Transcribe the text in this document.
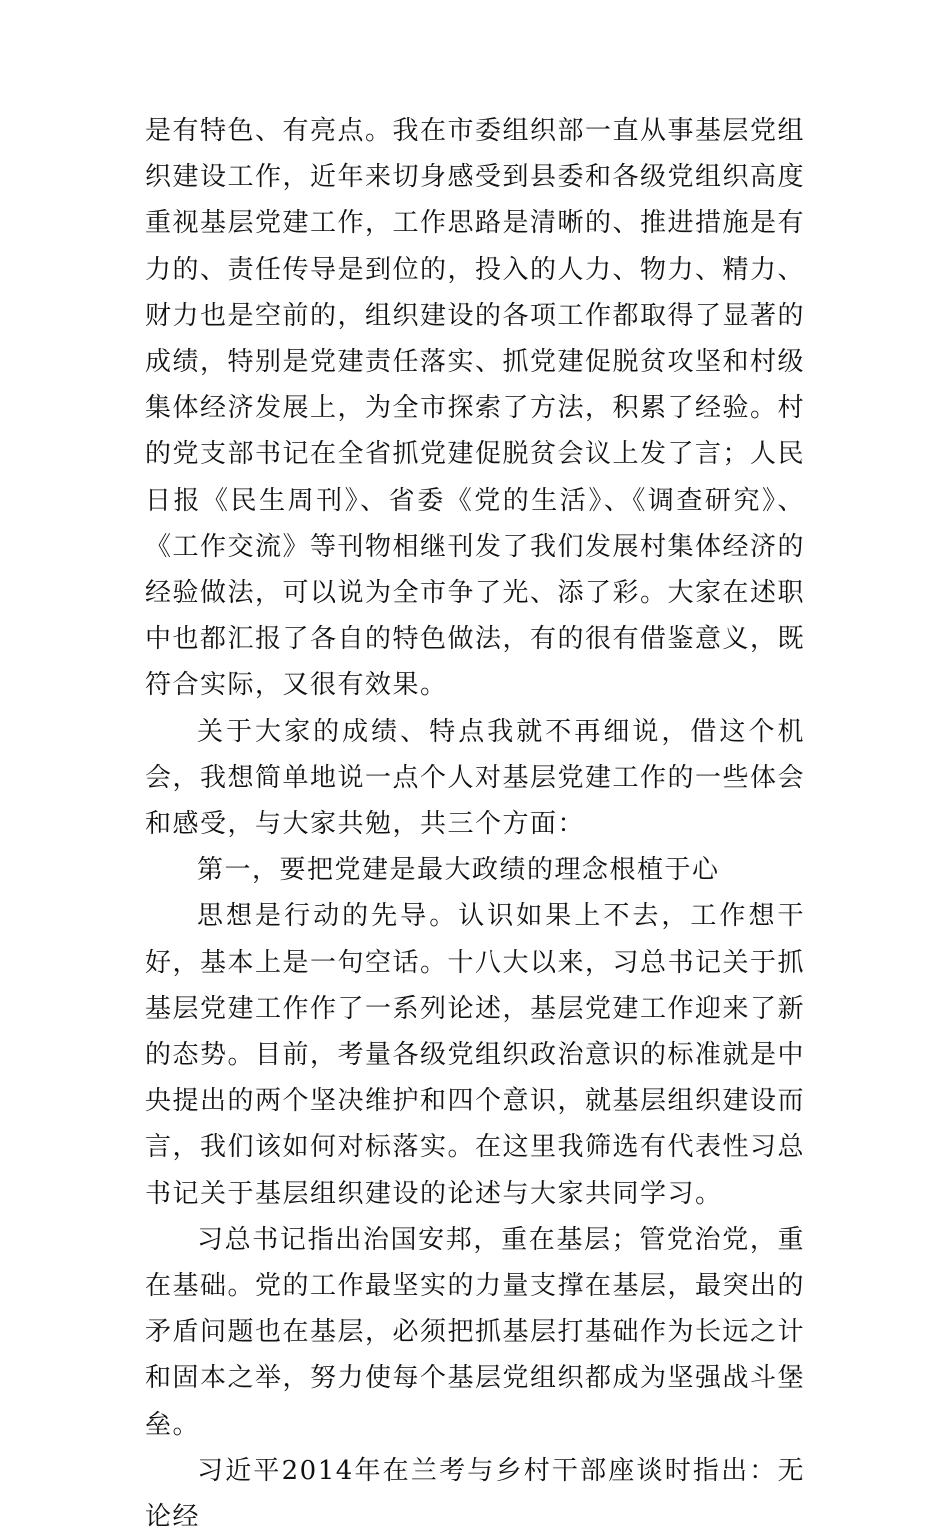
是有特色、有亮点。我在市委组织部一直从事基层党组织建设工作，近年来切身感受到县委和各级党组织高度重视基层党建工作，工作思路是清晰的、推进措施是有力的、责任传导是到位的，投入的人力、物力、精力、财力也是空前的，组织建设的各项工作都取得了显著的成绩，特别是党建责任落实、抓党建促脱贫攻坚和村级集体经济发展上，为全市探索了方法，积累了经验。村的党支部书记在全省抓党建促脱贫会议上发了言；人民日报《民生周刊》、省委《党的生活》、《调查研究》、《工作交流》等刊物相继刊发了我们发展村集体经济的经验做法，可以说为全市争了光、添了彩。大家在述职中也都汇报了各自的特色做法，有的很有借鉴意义，既符合实际，又很有效果。

关于大家的成绩、特点我就不再细说，借这个机会，我想简单地说一点个人对基层党建工作的一些体会和感受，与大家共勉，共三个方面：

第一，要把党建是最大政绩的理念根植于心

思想是行动的先导。认识如果上不去，工作想干好，基本上是一句空话。十八大以来，习总书记关于抓基层党建工作作了一系列论述，基层党建工作迎来了新的态势。目前，考量各级党组织政治意识的标准就是中央提出的两个坚决维护和四个意识，就基层组织建设而言，我们该如何对标落实。在这里我筛选有代表性习总书记关于基层组织建设的论述与大家共同学习。

习总书记指出治国安邦，重在基层；管党治党，重在基础。党的工作最坚实的力量支撑在基层，最突出的矛盾问题也在基层，必须把抓基层打基础作为长远之计和固本之举，努力使每个基层党组织都成为坚强战斗堡垒。

习近平2014年在兰考与乡村干部座谈时指出：无论经
